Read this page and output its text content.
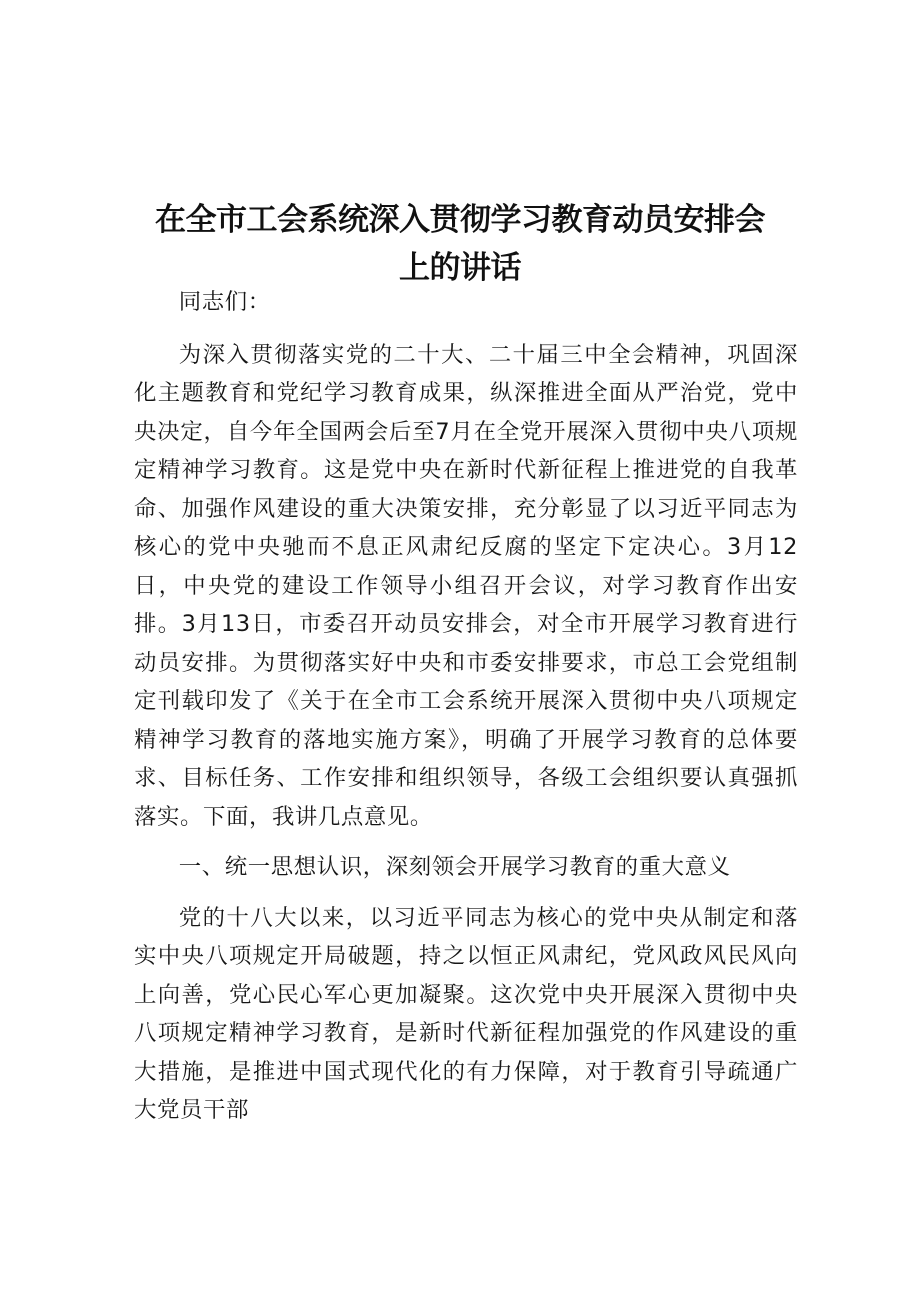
在全市工会系统深入贯彻学习教育动员安排会
上的讲话

同志们：

为深入贯彻落实党的二十大、二十届三中全会精神，巩固深化主题教育和党纪学习教育成果，纵深推进全面从严治党，党中央决定，自今年全国两会后至7月在全党开展深入贯彻中央八项规定精神学习教育。这是党中央在新时代新征程上推进党的自我革命、加强作风建设的重大决策安排，充分彰显了以习近平同志为核心的党中央驰而不息正风肃纪反腐的坚定下定决心。3月12日，中央党的建设工作领导小组召开会议，对学习教育作出安排。3月13日，市委召开动员安排会，对全市开展学习教育进行动员安排。为贯彻落实好中央和市委安排要求，市总工会党组制定刊载印发了《关于在全市工会系统开展深入贯彻中央八项规定精神学习教育的落地实施方案》，明确了开展学习教育的总体要求、目标任务、工作安排和组织领导，各级工会组织要认真强抓落实。下面，我讲几点意见。

一、统一思想认识，深刻领会开展学习教育的重大意义

党的十八大以来，以习近平同志为核心的党中央从制定和落实中央八项规定开局破题，持之以恒正风肃纪，党风政风民风向上向善，党心民心军心更加凝聚。这次党中央开展深入贯彻中央八项规定精神学习教育，是新时代新征程加强党的作风建设的重大措施，是推进中国式现代化的有力保障，对于教育引导疏通广大党员干部
